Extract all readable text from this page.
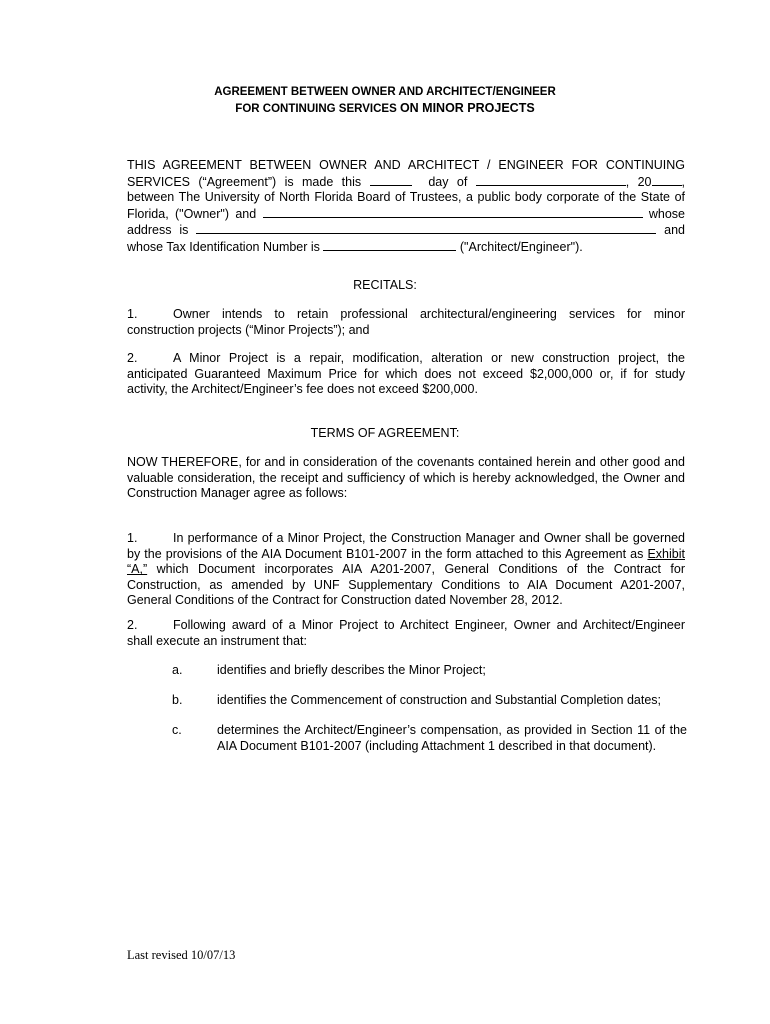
AGREEMENT BETWEEN OWNER AND ARCHITECT/ENGINEER
FOR CONTINUING SERVICES ON MINOR PROJECTS
THIS AGREEMENT BETWEEN OWNER AND ARCHITECT / ENGINEER FOR CONTINUING
SERVICES (“Agreement”) is made this	day of	, 20 ,
between The University of North Florida Board of Trustees, a public body corporate of the State of
Florida, ("Owner") and	whose
address is	and
whose Tax Identification Number is	("Architect/Engineer").
RECITALS:
1.	Owner intends to retain professional architectural/engineering services for minor
construction projects (“Minor Projects”); and
2.	A Minor Project is a repair, modification, alteration or new construction project, the
anticipated Guaranteed Maximum Price for which does not exceed $2,000,000 or, if for study
activity, the Architect/Engineer’s fee does not exceed $200,000.
TERMS OF AGREEMENT:
NOW THEREFORE, for and in consideration of the covenants contained herein and other good and
valuable consideration, the receipt and sufficiency of which is hereby acknowledged, the Owner and
Construction Manager agree as follows:
1.	In performance of a Minor Project, the Construction Manager and Owner shall be governed
by the provisions of the AIA Document B101-2007 in the form attached to this Agreement as Exhibit
“A,” which Document incorporates AIA A201-2007, General Conditions of the Contract for
Construction, as amended by UNF Supplementary Conditions to AIA Document A201-2007,
General Conditions of the Contract for Construction dated November 28, 2012.
2.	Following award of a Minor Project to Architect Engineer, Owner and Architect/Engineer
shall execute an instrument that:
a.	identifies and briefly describes the Minor Project;
b.	identifies the Commencement of construction and Substantial Completion dates;
c.	determines the Architect/Engineer’s compensation, as provided in Section 11 of the
AIA Document B101-2007 (including Attachment 1 described in that document).
Last revised 10/07/13
